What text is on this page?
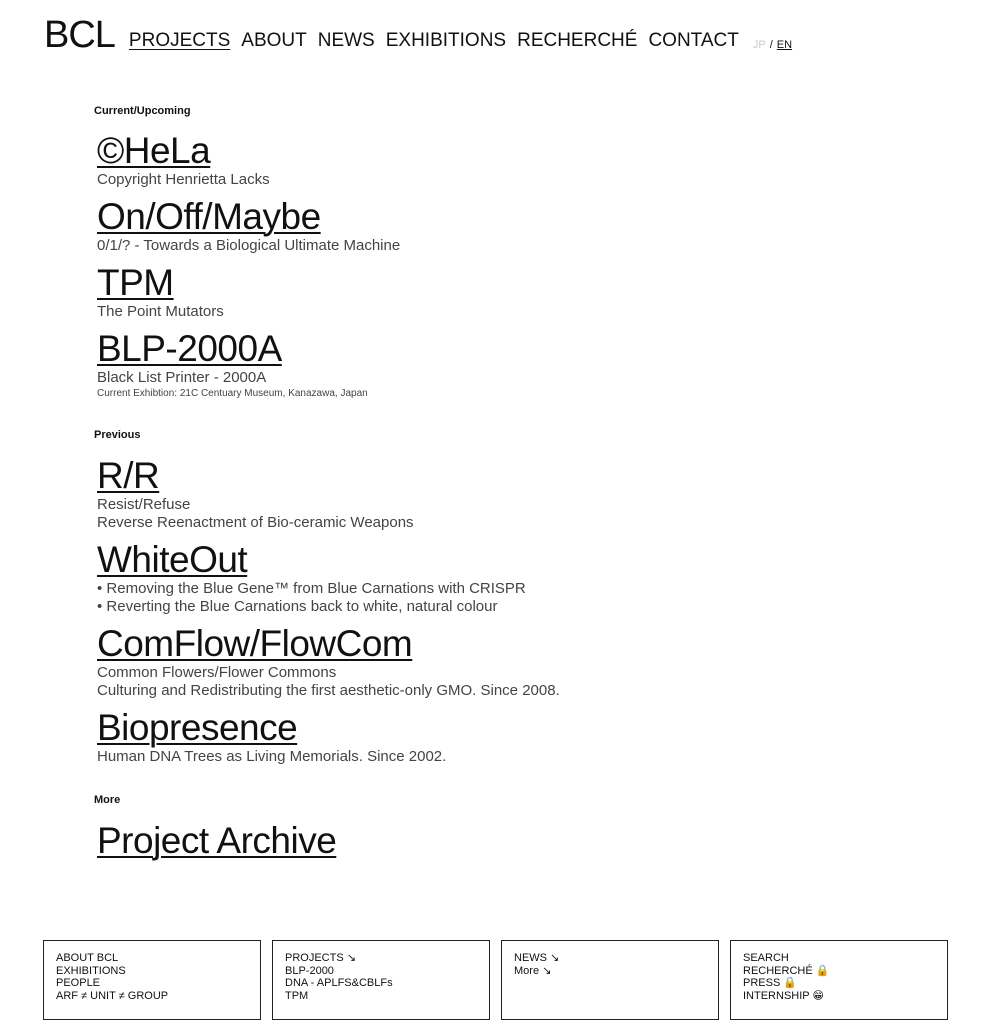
BCL PROJECTS ABOUT NEWS EXHIBITIONS RECHERCHÉ CONTACT JP / EN
Current/Upcoming
©HeLa
Copyright Henrietta Lacks
On/Off/Maybe
0/1/? - Towards a Biological Ultimate Machine
TPM
The Point Mutators
BLP-2000A
Black List Printer - 2000A
Current Exhibtion: 21C Centuary Museum, Kanazawa, Japan
Previous
R/R
Resist/Refuse
Reverse Reenactment of Bio-ceramic Weapons
WhiteOut
• Removing the Blue Gene™ from Blue Carnations with CRISPR
• Reverting the Blue Carnations back to white, natural colour
ComFlow/FlowCom
Common Flowers/Flower Commons
Culturing and Redistributing the first aesthetic-only GMO. Since 2008.
Biopresence
Human DNA Trees as Living Memorials. Since 2002.
More
Project Archive
ABOUT BCL
EXHIBITIONS
PEOPLE
ARF ≠ UNIT ≠ GROUP
PROJECTS ↘
BLP-2000
DNA - APLFS&CBLFs
TPM
NEWS ↘
More ↘
SEARCH
RECHERCHÉ 🔒
PRESS 🔒
INTERNSHIP 😁
